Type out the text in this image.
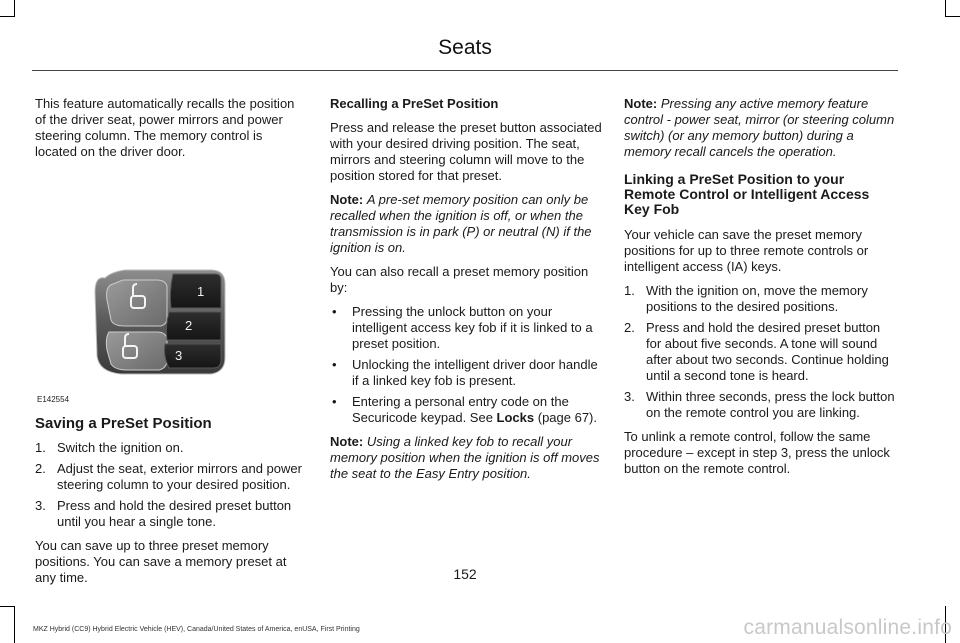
Seats

This feature automatically recalls the position of the driver seat, power mirrors and power steering column. The memory control is located on the driver door.

1
2
3
E142554
Saving a PreSet Position
1. Switch the ignition on.
2. Adjust the seat, exterior mirrors and power steering column to your desired position.
3. Press and hold the desired preset button until you hear a single tone.

You can save up to three preset memory positions. You can save a memory preset at any time.

Recalling a PreSet Position

Press and release the preset button associated with your desired driving position. The seat, mirrors and steering column will move to the position stored for that preset.

Note: A pre-set memory position can only be recalled when the ignition is off, or when the transmission is in park (P) or neutral (N) if the ignition is on.

You can also recall a preset memory position by:

• Pressing the unlock button on your intelligent access key fob if it is linked to a preset position.
• Unlocking the intelligent driver door handle if a linked key fob is present.
• Entering a personal entry code on the Securicode keypad. See Locks (page 67).

Note: Using a linked key fob to recall your memory position when the ignition is off moves the seat to the Easy Entry position.

Note: Pressing any active memory feature control - power seat, mirror (or steering column switch) (or any memory button) during a memory recall cancels the operation.

Linking a PreSet Position to your Remote Control or Intelligent Access Key Fob

Your vehicle can save the preset memory positions for up to three remote controls or intelligent access (IA) keys.

1. With the ignition on, move the memory positions to the desired positions.
2. Press and hold the desired preset button for about five seconds. A tone will sound after about two seconds. Continue holding until a second tone is heard.
3. Within three seconds, press the lock button on the remote control you are linking.

To unlink a remote control, follow the same procedure – except in step 3, press the unlock button on the remote control.

152
MKZ Hybrid (CC9) Hybrid Electric Vehicle (HEV), Canada/United States of America, enUSA, First Printing	carmanualsonline.info
